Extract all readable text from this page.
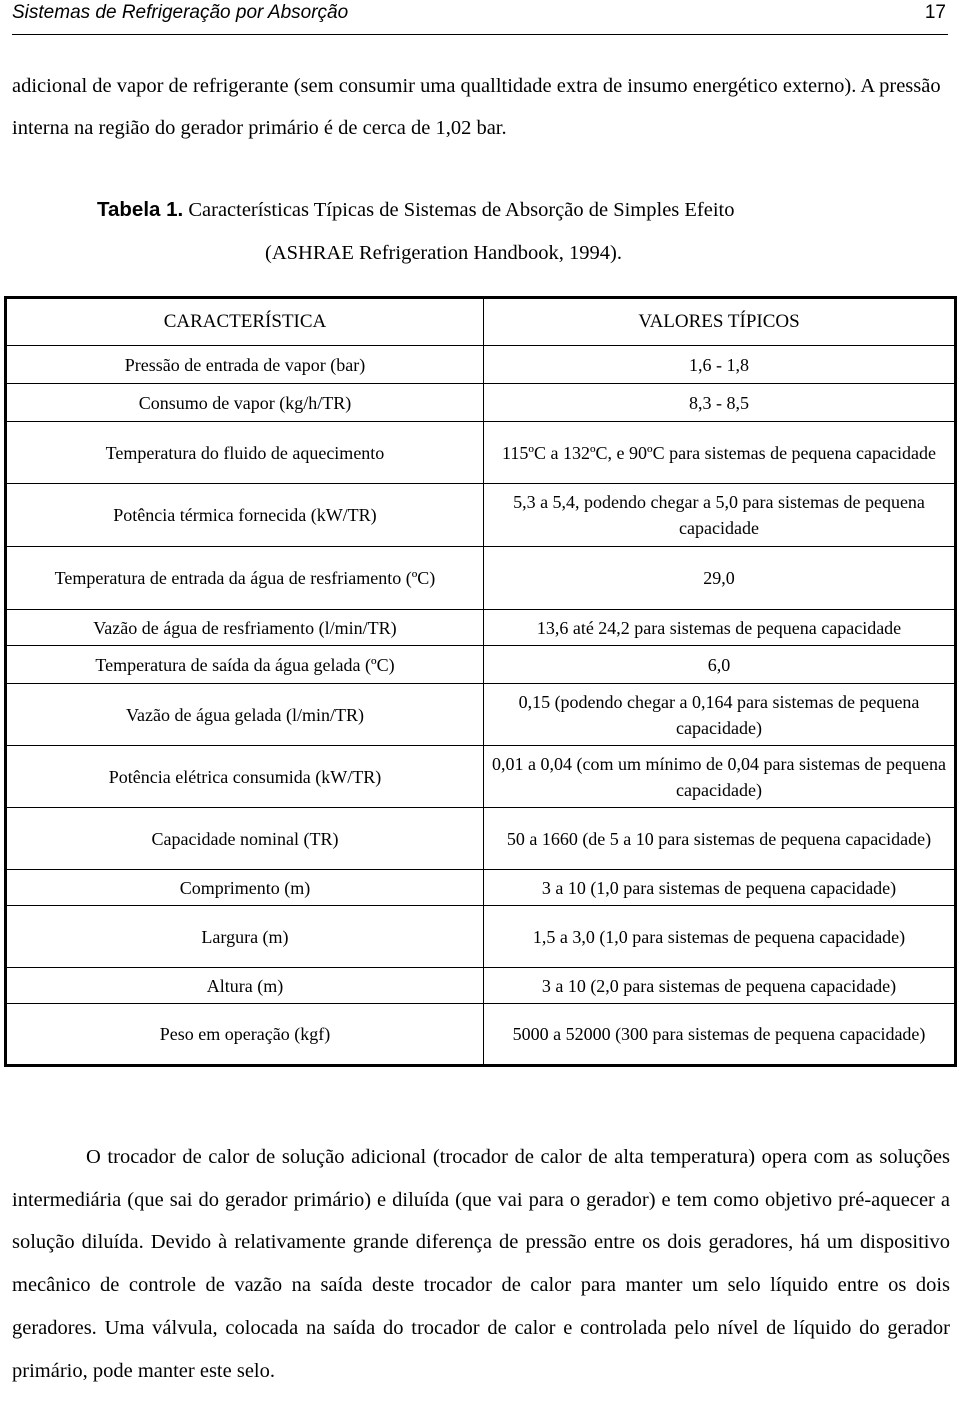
Sistemas de Refrigeração por Absorção	17

adicional de vapor de refrigerante (sem consumir uma qualltidade extra de insumo energético externo). A pressão interna na região do gerador primário é de cerca de 1,02 bar.

Tabela 1. Características Típicas de Sistemas de Absorção de Simples Efeito
(ASHRAE Refrigeration Handbook, 1994).
CARACTERÍSTICA	VALORES TÍPICOS
Pressão de entrada de vapor (bar)	1,6 - 1,8
Consumo de vapor (kg/h/TR)	8,3 - 8,5
Temperatura do fluido de aquecimento	115ºC a 132ºC, e 90ºC para sistemas de pequena capacidade
Potência térmica fornecida (kW/TR)	5,3 a 5,4, podendo chegar a 5,0 para sistemas de pequena capacidade
Temperatura de entrada da água de resfriamento (ºC)	29,0
Vazão de água de resfriamento (l/min/TR)	13,6 até 24,2 para sistemas de pequena capacidade
Temperatura de saída da água gelada (ºC)	6,0
Vazão de água gelada (l/min/TR)	0,15 (podendo chegar a 0,164 para sistemas de pequena capacidade)
Potência elétrica consumida (kW/TR)	0,01 a 0,04 (com um mínimo de 0,04 para sistemas de pequena capacidade)
Capacidade nominal (TR)	50 a 1660 (de 5 a 10 para sistemas de pequena capacidade)
Comprimento (m)	3 a 10 (1,0 para sistemas de pequena capacidade)
Largura (m)	1,5 a 3,0 (1,0 para sistemas de pequena capacidade)
Altura (m)	3 a 10 (2,0 para sistemas de pequena capacidade)
Peso em operação (kgf)	5000 a 52000 (300 para sistemas de pequena capacidade)

O trocador de calor de solução adicional (trocador de calor de alta temperatura) opera com as soluções intermediária (que sai do gerador primário) e diluída (que vai para o gerador) e tem como objetivo pré-aquecer a solução diluída. Devido à relativamente grande diferença de pressão entre os dois geradores, há um dispositivo mecânico de controle de vazão na saída deste trocador de calor para manter um selo líquido entre os dois geradores. Uma válvula, colocada na saída do trocador de calor e controlada pelo nível de líquido do gerador primário, pode manter este selo.
